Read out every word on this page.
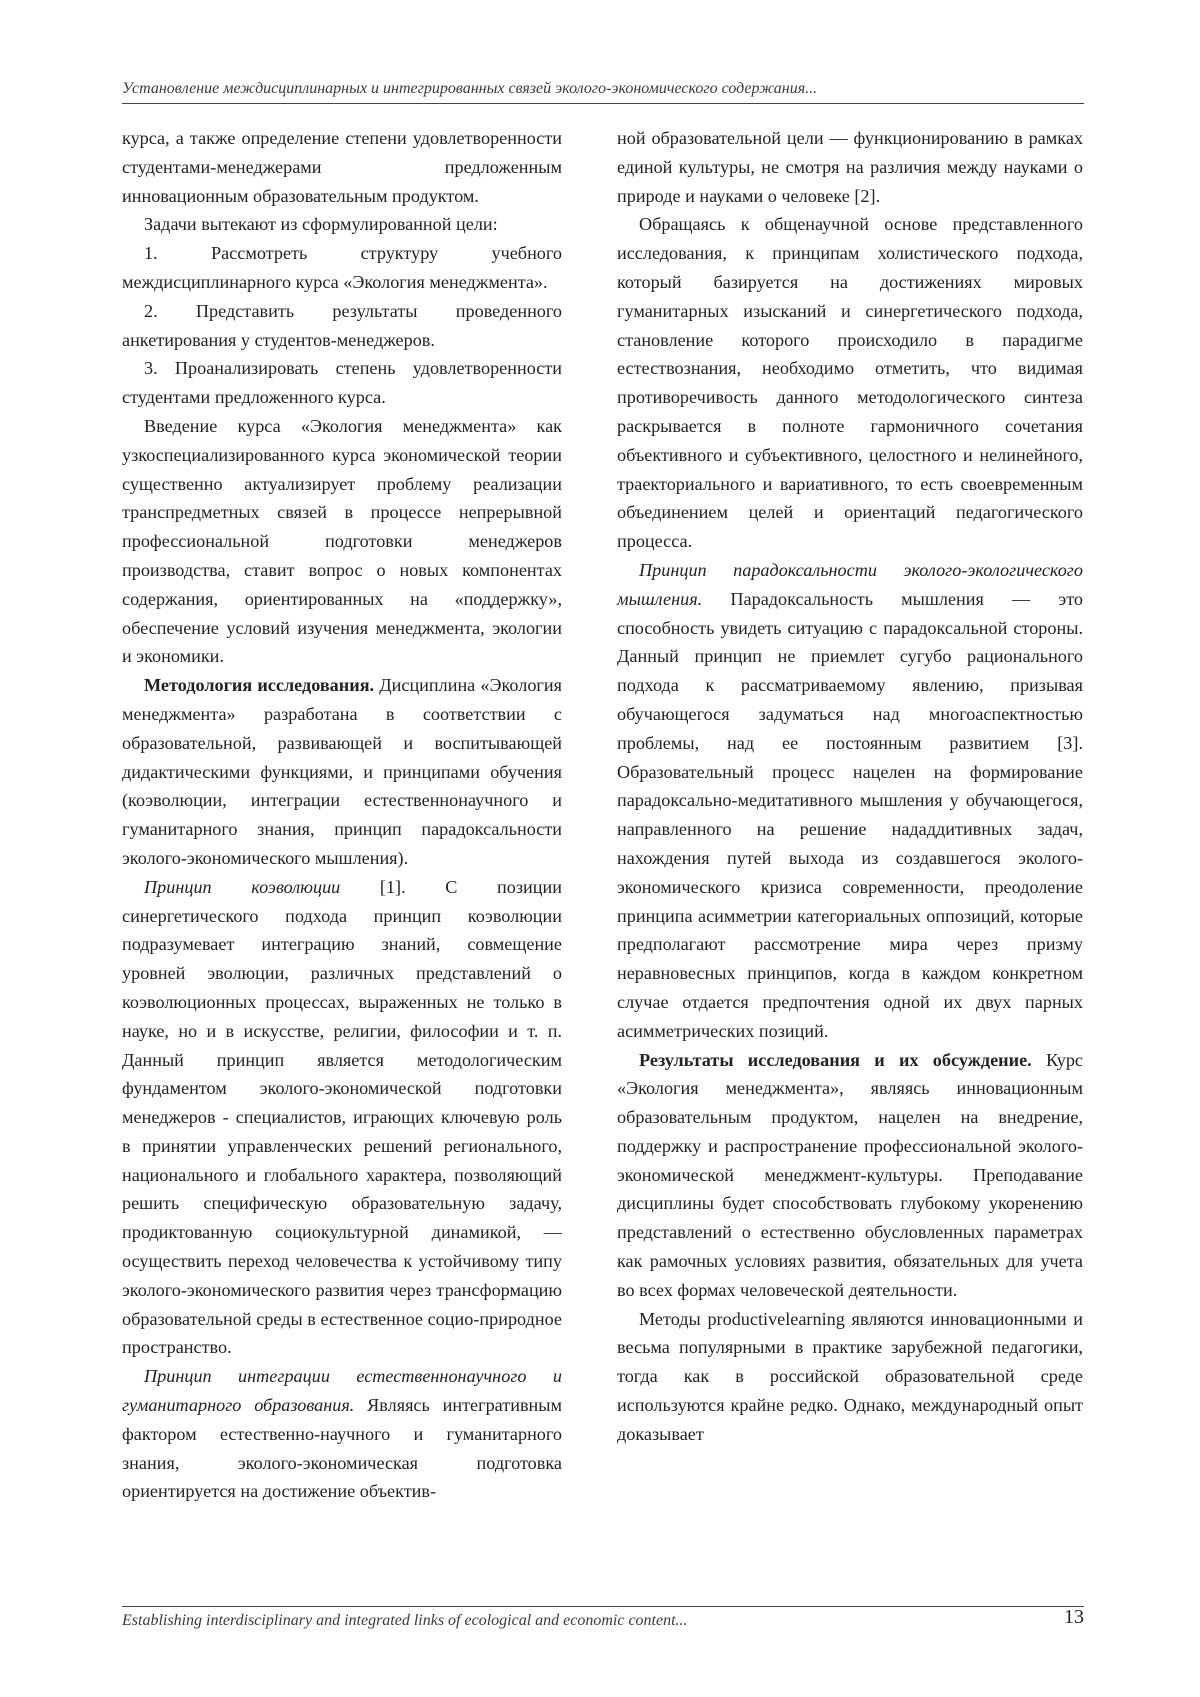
Установление междисциплинарных и интегрированных связей эколого-экономического содержания...

курса, а также определение степени удовлетворенности студентами-менеджерами предложенным инновационным образовательным продуктом.

Задачи вытекают из сформулированной цели:

1. Рассмотреть структуру учебного междисциплинарного курса «Экология менеджмента».

2. Представить результаты проведенного анкетирования у студентов-менеджеров.

3. Проанализировать степень удовлетворенности студентами предложенного курса.

Введение курса «Экология менеджмента» как узкоспециализированного курса экономической теории существенно актуализирует проблему реализации транспредметных связей в процессе непрерывной профессиональной подготовки менеджеров производства, ставит вопрос о новых компонентах содержания, ориентированных на «поддержку», обеспечение условий изучения менеджмента, экологии и экономики.

Методология исследования. Дисциплина «Экология менеджмента» разработана в соответствии с образовательной, развивающей и воспитывающей дидактическими функциями, и принципами обучения (коэволюции, интеграции естественнонаучного и гуманитарного знания, принцип парадоксальности эколого-экономического мышления).

Принцип коэволюции [1]. С позиции синергетического подхода принцип коэволюции подразумевает интеграцию знаний, совмещение уровней эволюции, различных представлений о коэволюционных процессах, выраженных не только в науке, но и в искусстве, религии, философии и т. п. Данный принцип является методологическим фундаментом эколого-экономической подготовки менеджеров - специалистов, играющих ключевую роль в принятии управленческих решений регионального, национального и глобального характера, позволяющий решить специфическую образовательную задачу, продиктованную социокультурной динамикой, — осуществить переход человечества к устойчивому типу эколого-экономического развития через трансформацию образовательной среды в естественное социо-природное пространство.

Принцип интеграции естественнонаучного и гуманитарного образования. Являясь интегративным фактором естественно-научного и гуманитарного знания, эколого-экономическая подготовка ориентируется на достижение объектив-

ной образовательной цели — функционированию в рамках единой культуры, не смотря на различия между науками о природе и науками о человеке [2].

Обращаясь к общенаучной основе представленного исследования, к принципам холистического подхода, который базируется на достижениях мировых гуманитарных изысканий и синергетического подхода, становление которого происходило в парадигме естествознания, необходимо отметить, что видимая противоречивость данного методологического синтеза раскрывается в полноте гармоничного сочетания объективного и субъективного, целостного и нелинейного, траекториального и вариативного, то есть своевременным объединением целей и ориентаций педагогического процесса.

Принцип парадоксальности эколого-экологического мышления. Парадоксальность мышления — это способность увидеть ситуацию с парадоксальной стороны. Данный принцип не приемлет сугубо рационального подхода к рассматриваемому явлению, призывая обучающегося задуматься над многоаспектностью проблемы, над ее постоянным развитием [3]. Образовательный процесс нацелен на формирование парадоксально-медитативного мышления у обучающегося, направленного на решение нададдитивных задач, нахождения путей выхода из создавшегося эколого-экономического кризиса современности, преодоление принципа асимметрии категориальных оппозиций, которые предполагают рассмотрение мира через призму неравновесных принципов, когда в каждом конкретном случае отдается предпочтения одной их двух парных асимметрических позиций.

Результаты исследования и их обсуждение. Курс «Экология менеджмента», являясь инновационным образовательным продуктом, нацелен на внедрение, поддержку и распространение профессиональной эколого-экономической менеджмент-культуры. Преподавание дисциплины будет способствовать глубокому укоренению представлений о естественно обусловленных параметрах как рамочных условиях развития, обязательных для учета во всех формах человеческой деятельности.

Методы productivelearning являются инновационными и весьма популярными в практике зарубежной педагогики, тогда как в российской образовательной среде используются крайне редко. Однако, международный опыт доказывает

Establishing interdisciplinary and integrated links of ecological and economic content...	13
